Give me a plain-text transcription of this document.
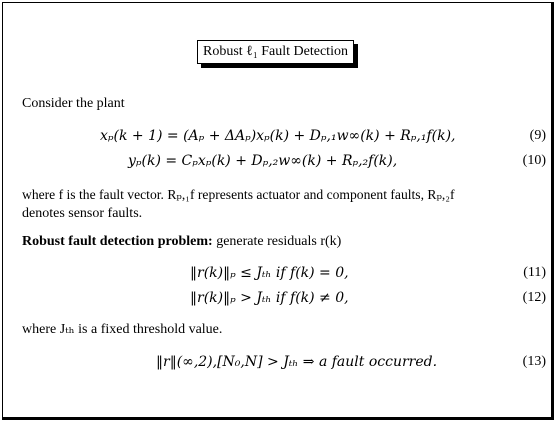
Robust ℓ₁ Fault Detection
Consider the plant
xₚ(k + 1) = (Aₚ + ΔAₚ)xₚ(k) + Dₚ,₁w∞(k) + Rₚ,₁f(k),	(9)
yₚ(k) = Cₚxₚ(k) + Dₚ,₂w∞(k) + Rₚ,₂f(k),	(10)
where f is the fault vector. Rₚ,₁f represents actuator and component faults, Rₚ,₂f
denotes sensor faults.
Robust fault detection problem: generate residuals r(k)
‖r(k)‖ₚ ≤ Jₜₕ if f(k) = 0,	(11)
‖r(k)‖ₚ > Jₜₕ if f(k) ≠ 0,	(12)
where Jₜₕ is a fixed threshold value.
‖r‖(∞,2),[N₀,N] > Jₜₕ ⇒ a fault occurred.	(13)
